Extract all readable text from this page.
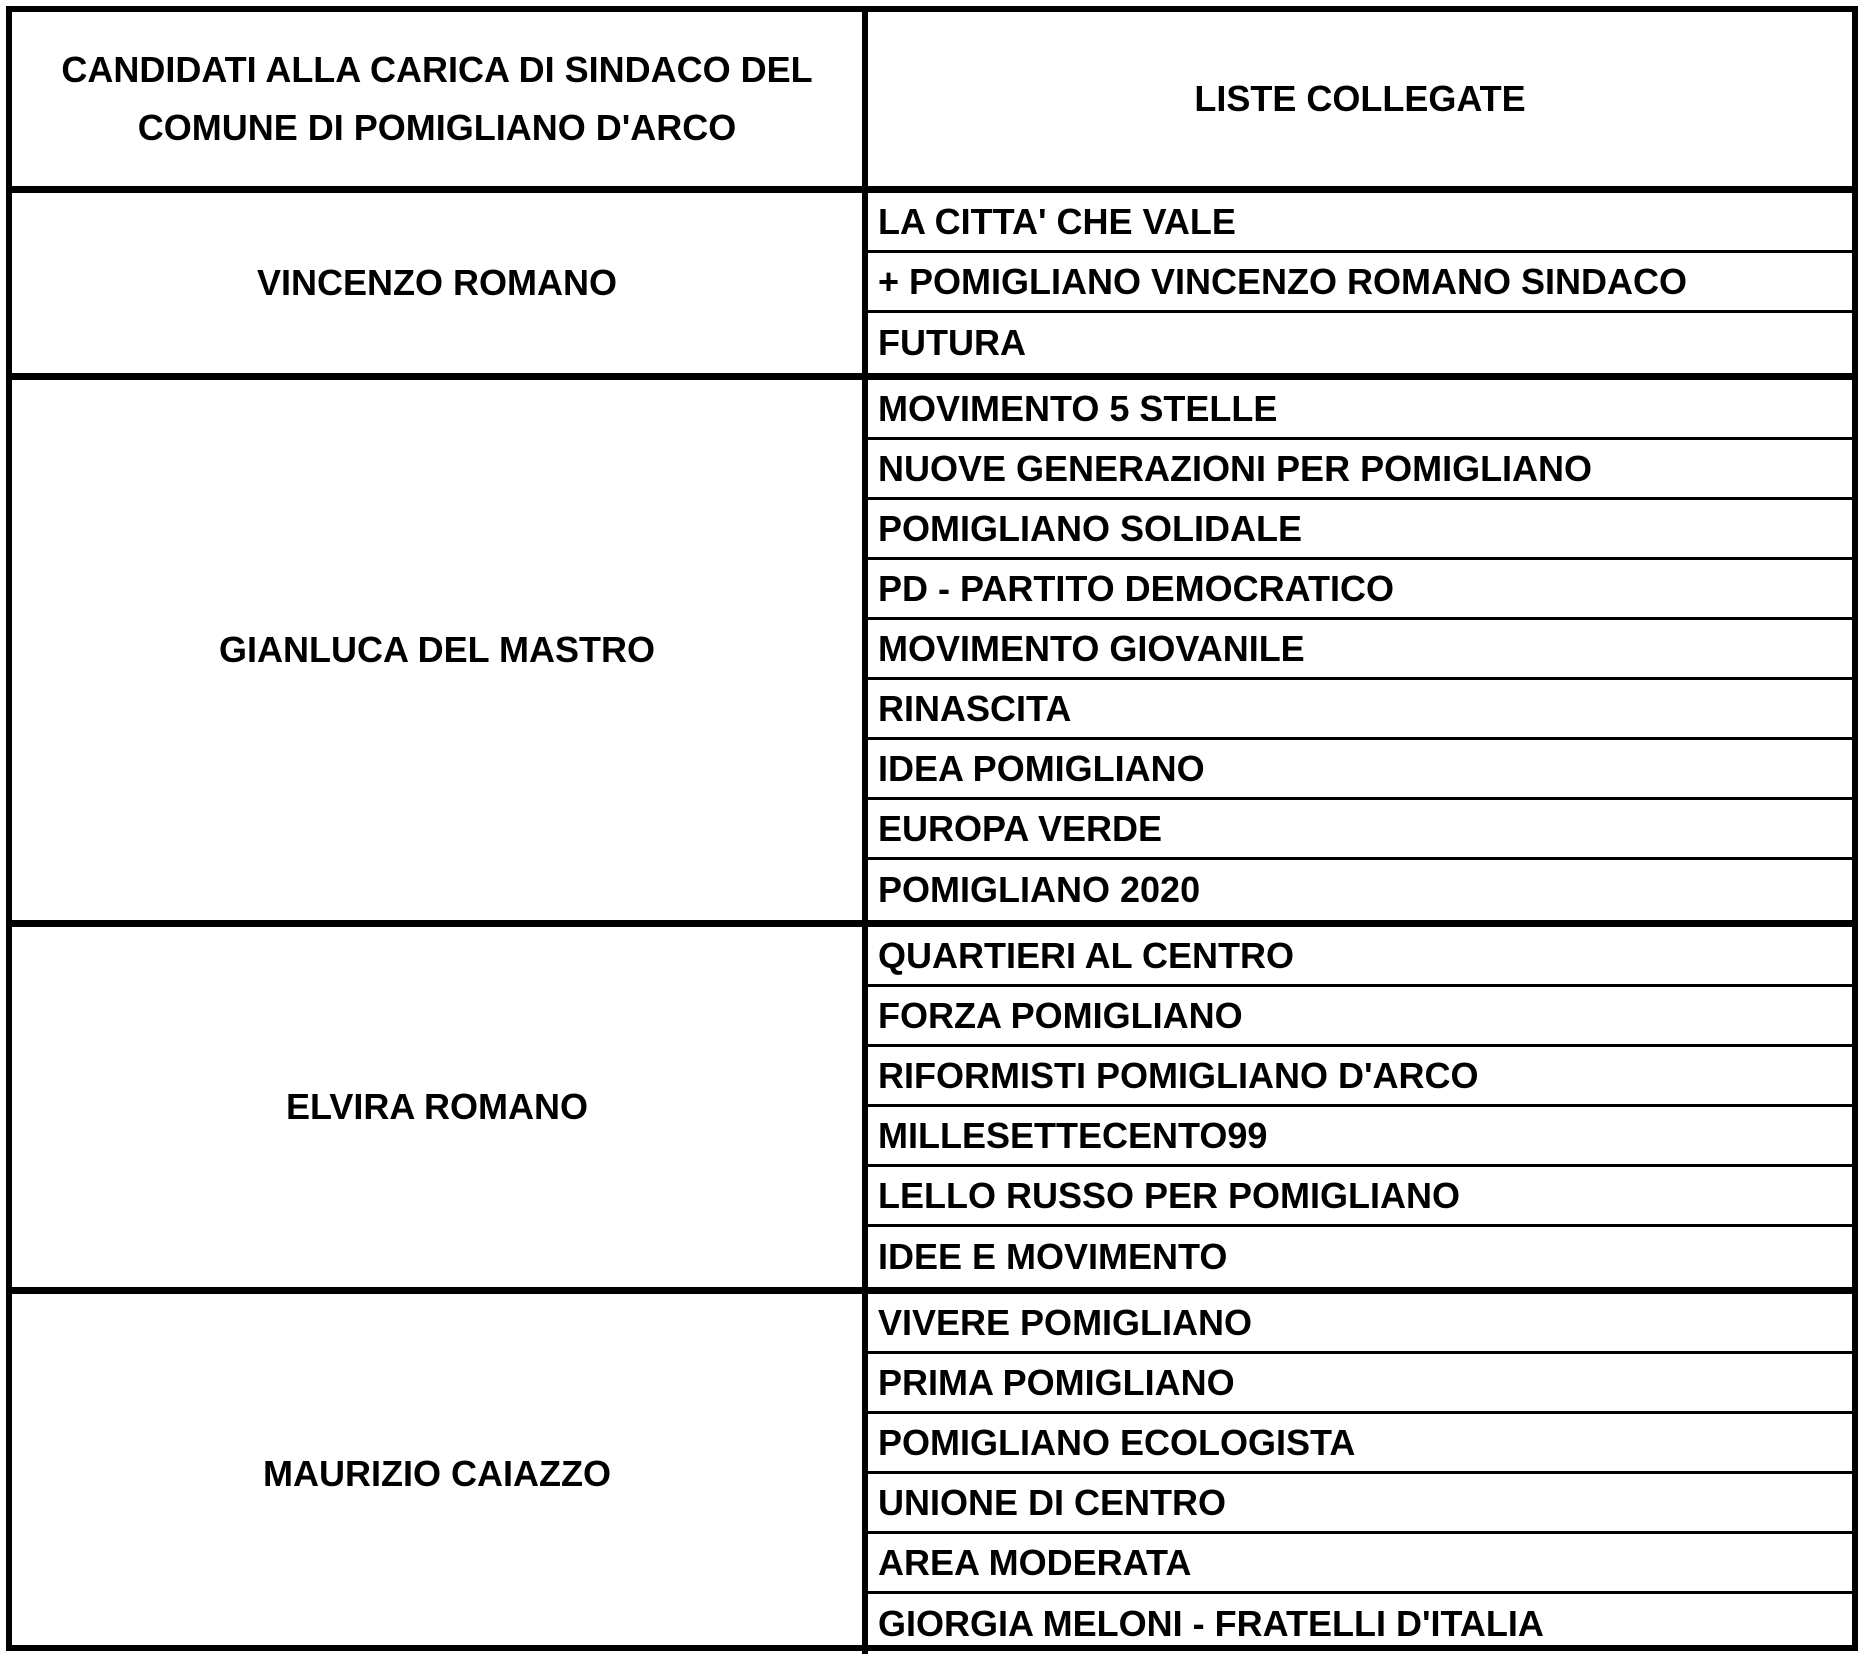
CANDIDATI ALLA CARICA DI SINDACO DEL
COMUNE DI POMIGLIANO D'ARCO
LISTE COLLEGATE
VINCENZO ROMANO
LA CITTA' CHE VALE
+ POMIGLIANO VINCENZO ROMANO SINDACO
FUTURA
GIANLUCA DEL MASTRO
MOVIMENTO 5 STELLE
NUOVE GENERAZIONI PER POMIGLIANO
POMIGLIANO SOLIDALE
PD - PARTITO DEMOCRATICO
MOVIMENTO GIOVANILE
RINASCITA
IDEA POMIGLIANO
EUROPA VERDE
POMIGLIANO 2020
ELVIRA ROMANO
QUARTIERI AL CENTRO
FORZA POMIGLIANO
RIFORMISTI POMIGLIANO D'ARCO
MILLESETTECENTO99
LELLO RUSSO PER POMIGLIANO
IDEE E MOVIMENTO
MAURIZIO CAIAZZO
VIVERE POMIGLIANO
PRIMA POMIGLIANO
POMIGLIANO ECOLOGISTA
UNIONE DI CENTRO
AREA MODERATA
GIORGIA MELONI - FRATELLI D'ITALIA
